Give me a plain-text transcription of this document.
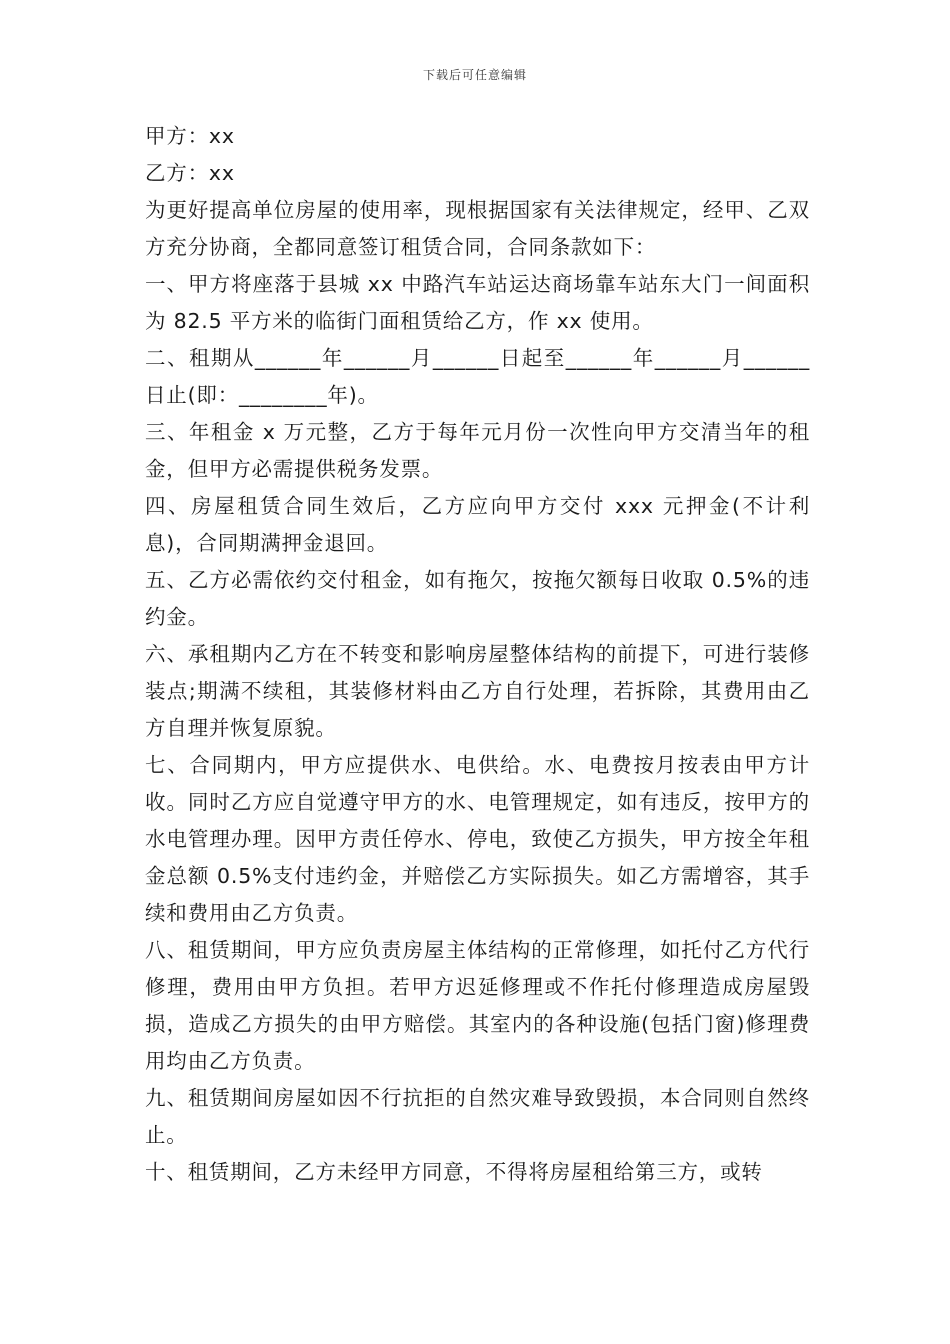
下载后可任意编辑

甲方：xx

乙方：xx

为更好提高单位房屋的使用率，现根据国家有关法律规定，经甲、乙双方充分协商，全都同意签订租赁合同，合同条款如下：

一、甲方将座落于县城 xx 中路汽车站运达商场靠车站东大门一间面积为 82.5 平方米的临街门面租赁给乙方，作 xx 使用。

二、租期从______年______月______日起至______年______月______日止(即：________年)。

三、年租金 x 万元整，乙方于每年元月份一次性向甲方交清当年的租金，但甲方必需提供税务发票。

四、房屋租赁合同生效后，乙方应向甲方交付 xxx 元押金(不计利息)，合同期满押金退回。

五、乙方必需依约交付租金，如有拖欠，按拖欠额每日收取 0.5%的违约金。

六、承租期内乙方在不转变和影响房屋整体结构的前提下，可进行装修装点;期满不续租，其装修材料由乙方自行处理，若拆除，其费用由乙方自理并恢复原貌。

七、合同期内，甲方应提供水、电供给。水、电费按月按表由甲方计收。同时乙方应自觉遵守甲方的水、电管理规定，如有违反，按甲方的水电管理办理。因甲方责任停水、停电，致使乙方损失，甲方按全年租金总额 0.5%支付违约金，并赔偿乙方实际损失。如乙方需增容，其手续和费用由乙方负责。

八、租赁期间，甲方应负责房屋主体结构的正常修理，如托付乙方代行修理，费用由甲方负担。若甲方迟延修理或不作托付修理造成房屋毁损，造成乙方损失的由甲方赔偿。其室内的各种设施(包括门窗)修理费用均由乙方负责。

九、租赁期间房屋如因不行抗拒的自然灾难导致毁损，本合同则自然终止。

十、租赁期间，乙方未经甲方同意，不得将房屋租给第三方，或转
